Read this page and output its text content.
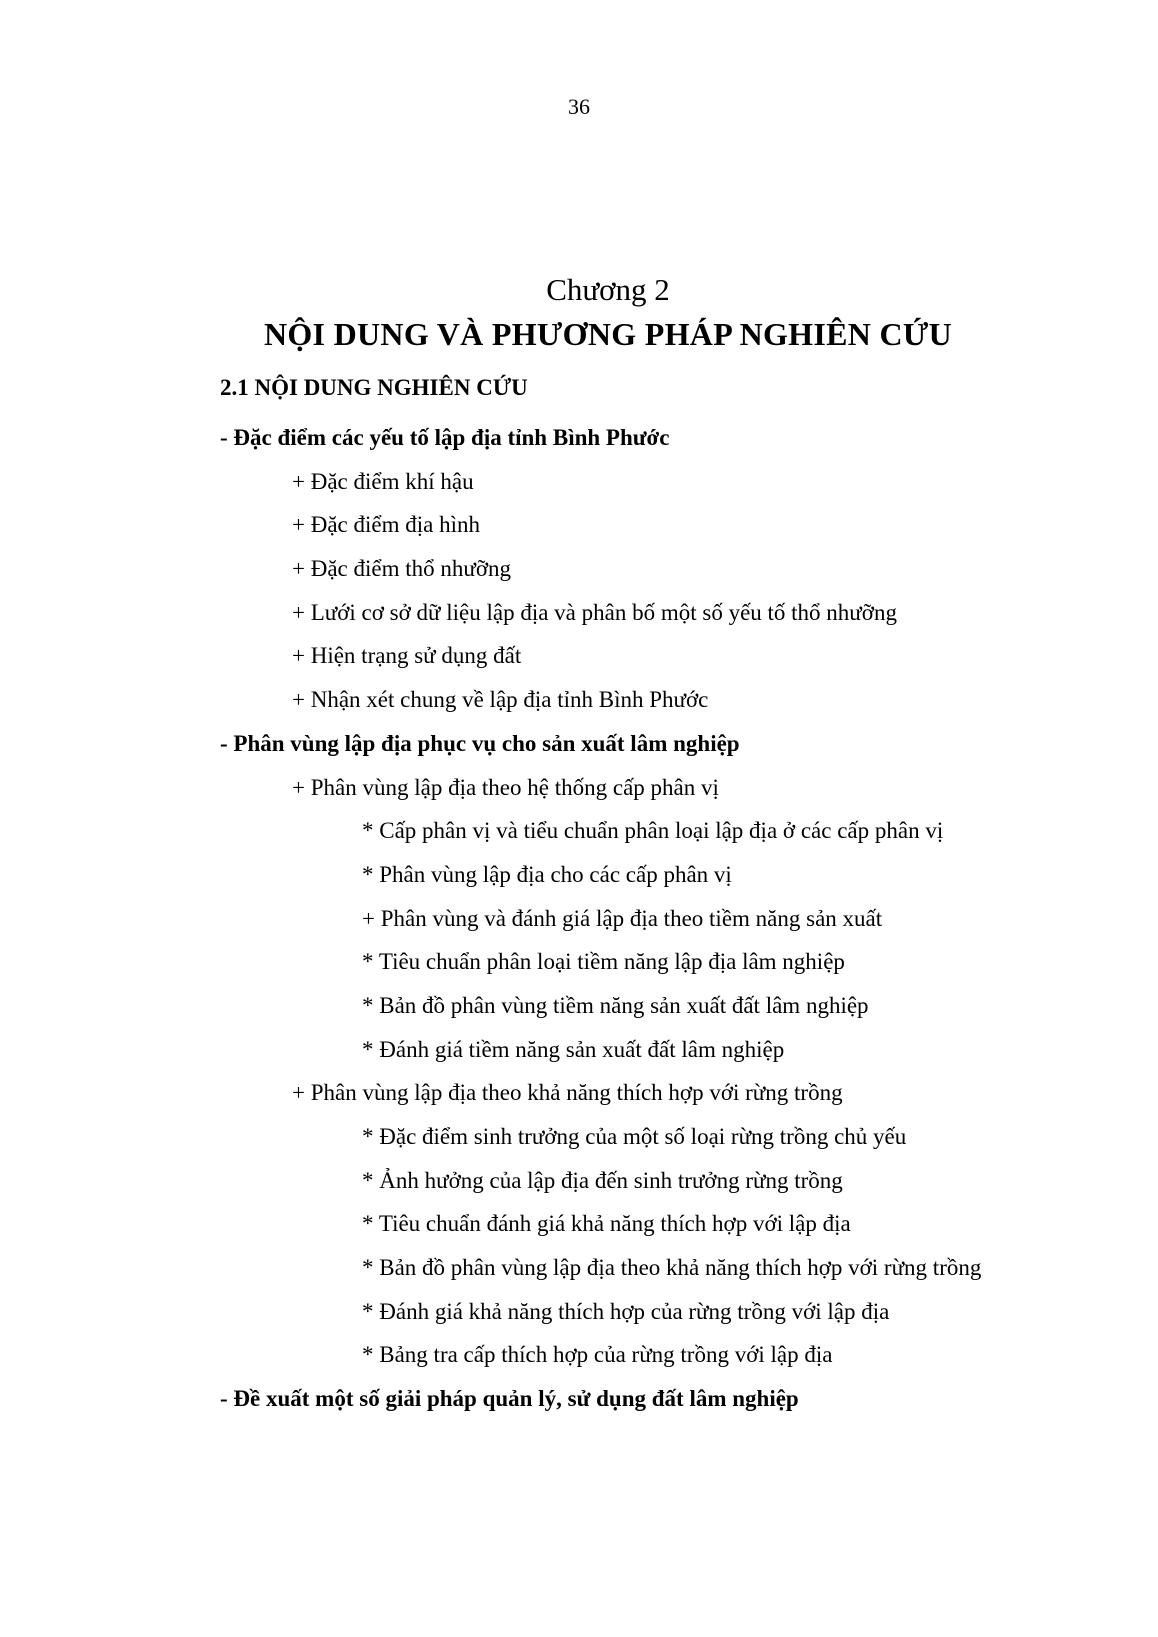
36
Chương 2
NỘI DUNG VÀ PHƯƠNG PHÁP NGHIÊN CỨU
2.1 NỘI DUNG NGHIÊN CỨU
- Đặc điểm các yếu tố lập địa tỉnh Bình Phước
+ Đặc điểm khí hậu
+ Đặc điểm địa hình
+ Đặc điểm thổ nhưỡng
+ Lưới cơ sở dữ liệu lập địa và phân bố một số yếu tố thổ nhưỡng
+ Hiện trạng sử dụng đất
+ Nhận xét chung về lập địa tỉnh Bình Phước
- Phân vùng lập địa phục vụ cho sản xuất lâm nghiệp
+ Phân vùng lập địa theo hệ thống cấp phân vị
* Cấp phân vị và tiểu chuẩn phân loại lập địa ở các cấp phân vị
* Phân vùng lập địa cho các cấp phân vị
+ Phân vùng và đánh giá lập địa theo tiềm năng sản xuất
* Tiêu chuẩn phân loại tiềm năng lập địa lâm nghiệp
* Bản đồ phân vùng tiềm năng sản xuất đất lâm nghiệp
* Đánh giá tiềm năng sản xuất đất lâm nghiệp
+ Phân vùng lập địa theo khả năng thích hợp với rừng trồng
* Đặc điểm sinh trưởng của một số loại rừng trồng chủ yếu
* Ảnh hưởng của lập địa đến sinh trưởng rừng trồng
* Tiêu chuẩn đánh giá khả năng thích hợp với lập địa
* Bản đồ phân vùng lập địa theo khả năng thích hợp với rừng trồng
* Đánh giá khả năng thích hợp của rừng trồng với lập địa
* Bảng tra cấp thích hợp của rừng trồng với lập địa
- Đề xuất một số giải pháp quản lý, sử dụng đất lâm nghiệp
